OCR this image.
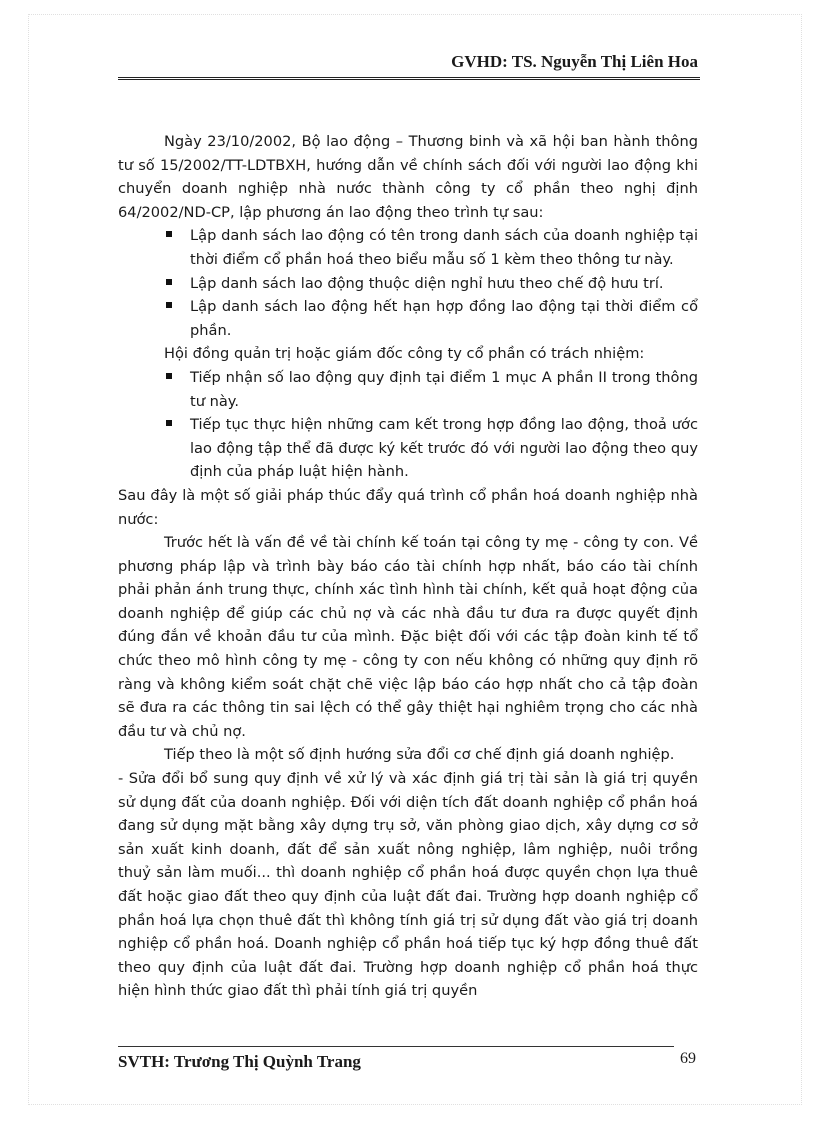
GVHD: TS. Nguyễn Thị Liên Hoa

Ngày 23/10/2002, Bộ lao động – Thương binh và xã hội ban hành thông tư số 15/2002/TT-LDTBXH, hướng dẫn về chính sách đối với người lao động khi chuyển doanh nghiệp nhà nước thành công ty cổ phần theo nghị định 64/2002/ND-CP, lập phương án lao động theo trình tự sau:

Lập danh sách lao động có tên trong danh sách của doanh nghiệp tại thời điểm cổ phần hoá theo biểu mẫu số 1 kèm theo thông tư này.
Lập danh sách lao động thuộc diện nghỉ hưu theo chế độ hưu trí.
Lập danh sách lao động hết hạn hợp đồng lao động tại thời điểm cổ phần.

Hội đồng quản trị hoặc giám đốc công ty cổ phần có trách nhiệm:

Tiếp nhận số lao động quy định tại điểm 1 mục A phần II trong thông tư này.
Tiếp tục thực hiện những cam kết trong hợp đồng lao động, thoả ước lao động tập thể đã được ký kết trước đó với người lao động theo quy định của pháp luật hiện hành.

Sau đây là một số giải pháp thúc đẩy quá trình cổ phần hoá doanh nghiệp nhà nước:

Trước hết là vấn đề về tài chính kế toán tại công ty mẹ - công ty con. Về phương pháp lập và trình bày báo cáo tài chính hợp nhất, báo cáo tài chính phải phản ánh trung thực, chính xác tình hình tài chính, kết quả hoạt động của doanh nghiệp để giúp các chủ nợ và các nhà đầu tư đưa ra được quyết định đúng đắn về khoản đầu tư của mình. Đặc biệt đối với các tập đoàn kinh tế tổ chức theo mô hình công ty mẹ - công ty con nếu không có những quy định rõ ràng và không kiểm soát chặt chẽ việc lập báo cáo hợp nhất cho cả tập đoàn sẽ đưa ra các thông tin sai lệch có thể gây thiệt hại nghiêm trọng cho các nhà đầu tư và chủ nợ.

Tiếp theo là một số định hướng sửa đổi cơ chế định giá doanh nghiệp.

- Sửa đổi bổ sung quy định về xử lý và xác định giá trị tài sản là giá trị quyền sử dụng đất của doanh nghiệp. Đối với diện tích đất doanh nghiệp cổ phần hoá đang sử dụng mặt bằng xây dựng trụ sở, văn phòng giao dịch, xây dựng cơ sở sản xuất kinh doanh, đất để sản xuất nông nghiệp, lâm nghiệp, nuôi trồng thuỷ sản làm muối... thì doanh nghiệp cổ phần hoá được quyền chọn lựa thuê đất hoặc giao đất theo quy định của luật đất đai. Trường hợp doanh nghiệp cổ phần hoá lựa chọn thuê đất thì không tính giá trị sử dụng đất vào giá trị doanh nghiệp cổ phần hoá. Doanh nghiệp cổ phần hoá tiếp tục ký hợp đồng thuê đất theo quy định của luật đất đai. Trường hợp doanh nghiệp cổ phần hoá thực hiện hình thức giao đất thì phải tính giá trị quyền

SVTH: Trương Thị Quỳnh Trang	69
